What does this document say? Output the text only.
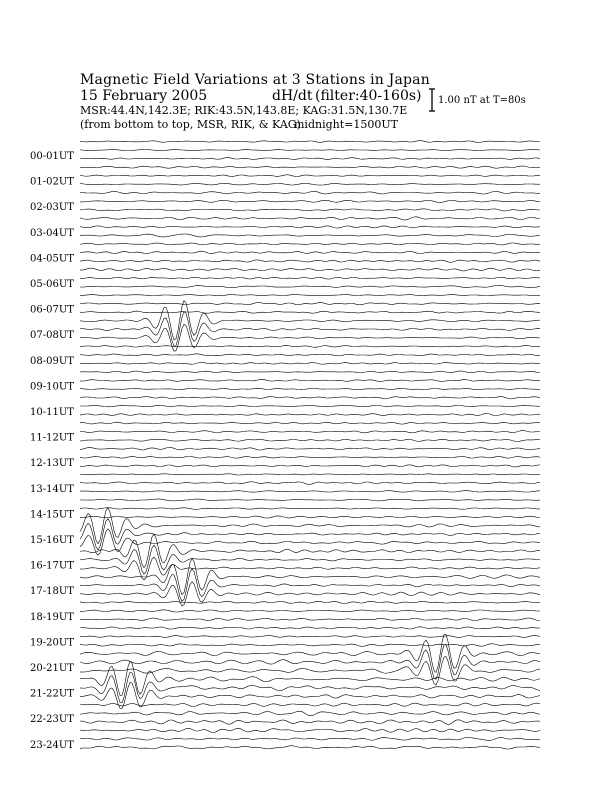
Magnetic Field Variations at 3 Stations in Japan
15 February 2005	dH/dt (filter:40-160s)
MSR:44.4N,142.3E; RIK:43.5N,143.8E; KAG:31.5N,130.7E
(from bottom to top, MSR, RIK, & KAG)
midnight=1500UT
1.00 nT at T=80s
00-01UT
01-02UT
02-03UT
03-04UT
04-05UT
05-06UT
06-07UT
07-08UT
08-09UT
09-10UT
10-11UT
11-12UT
12-13UT
13-14UT
14-15UT
15-16UT
16-17UT
17-18UT
18-19UT
19-20UT
20-21UT
21-22UT
22-23UT
23-24UT
